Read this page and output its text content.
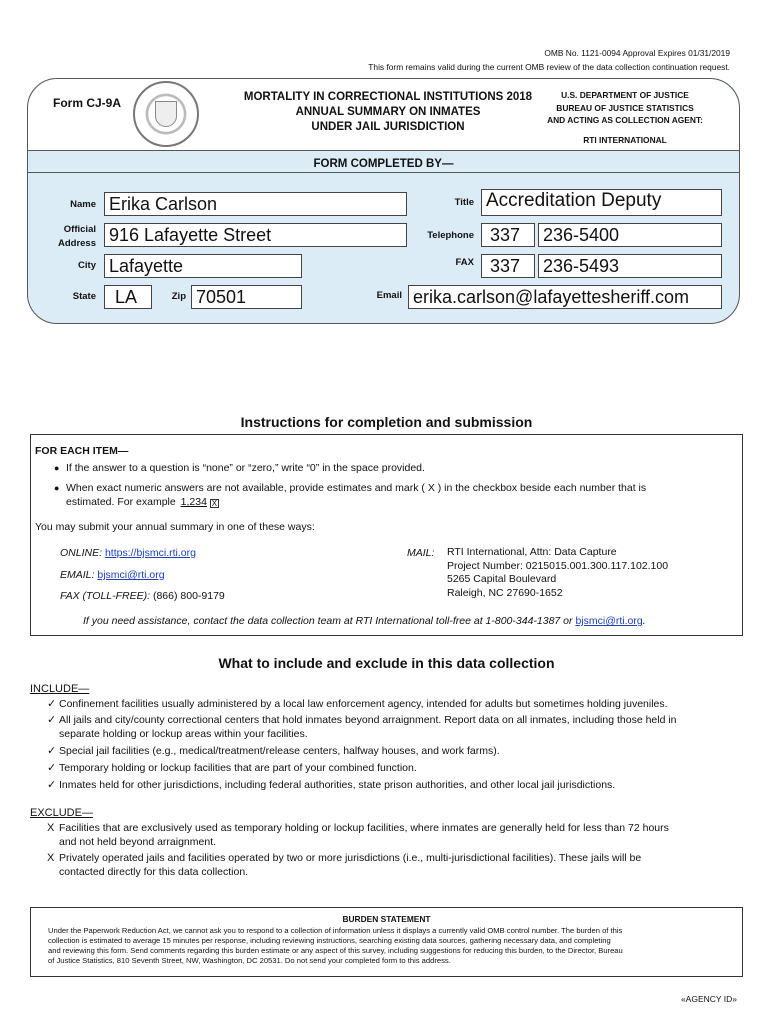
OMB No. 1121-0094 Approval Expires 01/31/2019
This form remains valid during the current OMB review of the data collection continuation request.
Form CJ-9A	MORTALITY IN CORRECTIONAL INSTITUTIONS 2018
ANNUAL SUMMARY ON INMATES
UNDER JAIL JURISDICTION
U.S. DEPARTMENT OF JUSTICE
BUREAU OF JUSTICE STATISTICS
AND ACTING AS COLLECTION AGENT:
RTI INTERNATIONAL
FORM COMPLETED BY—
Name Erika Carlson
Official
Address 916 Lafayette Street
City Lafayette
State	LA	Zip 70501
Title Accreditation Deputy
Telephone 337	236-5400
FAX 337	236-5493
Email erika.carlson@lafayettesheriff.com
Instructions for completion and submission
FOR EACH ITEM—
● If the answer to a question is “none” or “zero,” write “0” in the space provided.
● When exact numeric answers are not available, provide estimates and mark ( X ) in the checkbox beside each number that is
estimated. For example 1,234 X
You may submit your annual summary in one of these ways:
ONLINE: https://bjsmci.rti.org
EMAIL: bjsmci@rti.org
FAX (TOLL-FREE): (866) 800-9179
MAIL: RTI International, Attn: Data Capture
Project Number: 0215015.001.300.117.102.100
5265 Capital Boulevard
Raleigh, NC 27690-1652
If you need assistance, contact the data collection team at RTI International toll-free at 1-800-344-1387 or bjsmci@rti.org.
What to include and exclude in this data collection
INCLUDE—
✓ Confinement facilities usually administered by a local law enforcement agency, intended for adults but sometimes holding juveniles.
✓ All jails and city/county correctional centers that hold inmates beyond arraignment. Report data on all inmates, including those held in
separate holding or lockup areas within your facilities.
✓ Special jail facilities (e.g., medical/treatment/release centers, halfway houses, and work farms).
✓ Temporary holding or lockup facilities that are part of your combined function.
✓ Inmates held for other jurisdictions, including federal authorities, state prison authorities, and other local jail jurisdictions.
EXCLUDE—
X Facilities that are exclusively used as temporary holding or lockup facilities, where inmates are generally held for less than 72 hours
and not held beyond arraignment.
X Privately operated jails and facilities operated by two or more jurisdictions (i.e., multi-jurisdictional facilities). These jails will be
contacted directly for this data collection.
BURDEN STATEMENT
Under the Paperwork Reduction Act, we cannot ask you to respond to a collection of information unless it displays a currently valid OMB control number. The burden of this
collection is estimated to average 15 minutes per response, including reviewing instructions, searching existing data sources, gathering necessary data, and completing
and reviewing this form. Send comments regarding this burden estimate or any aspect of this survey, including suggestions for reducing this burden, to the Director, Bureau
of Justice Statistics, 810 Seventh Street, NW, Washington, DC 20531. Do not send your completed form to this address.
«AGENCY ID»
